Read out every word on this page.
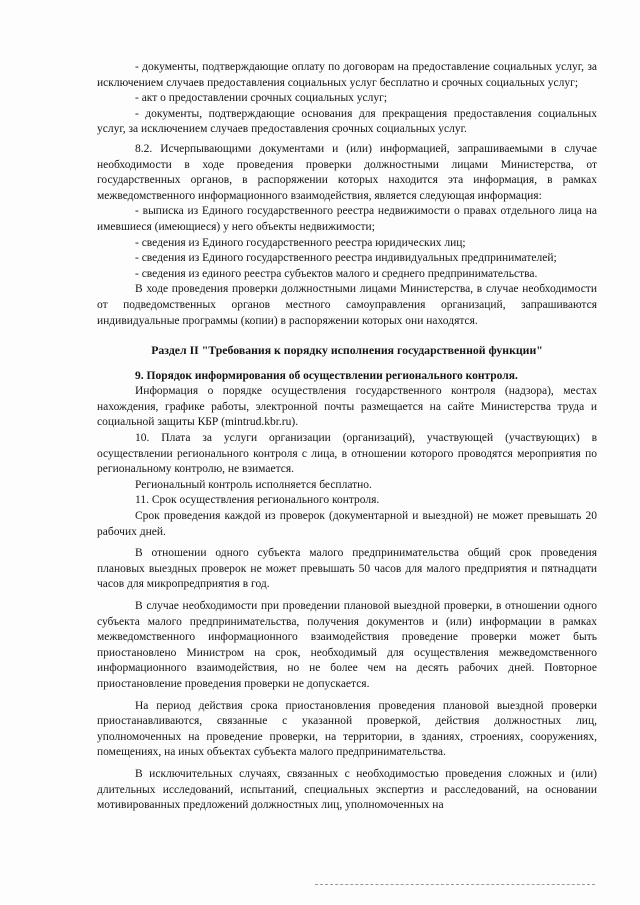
- документы, подтверждающие оплату по договорам на предоставление социальных услуг, за исключением случаев предоставления социальных услуг бесплатно и срочных социальных услуг;

- акт о предоставлении срочных социальных услуг;

- документы, подтверждающие основания для прекращения предоставления социальных услуг, за исключением случаев предоставления срочных социальных услуг.

8.2. Исчерпывающими документами и (или) информацией, запрашиваемыми в случае необходимости в ходе проведения проверки должностными лицами Министерства, от государственных органов, в распоряжении которых находится эта информация, в рамках межведомственного информационного взаимодействия, является следующая информация:

- выписка из Единого государственного реестра недвижимости о правах отдельного лица на имевшиеся (имеющиеся) у него объекты недвижимости;

- сведения из Единого государственного реестра юридических лиц;

- сведения из Единого государственного реестра индивидуальных предпринимателей;

- сведения из единого реестра субъектов малого и среднего предпринимательства.

В ходе проведения проверки должностными лицами Министерства, в случае необходимости от подведомственных органов местного самоуправления организаций, запрашиваются индивидуальные программы (копии) в распоряжении которых они находятся.

Раздел II "Требования к порядку исполнения государственной функции"

9. Порядок информирования об осуществлении регионального контроля.

Информация о порядке осуществления государственного контроля (надзора), местах нахождения, графике работы, электронной почты размещается на сайте Министерства труда и социальной защиты КБР (mintrud.kbr.ru).

10. Плата за услуги организации (организаций), участвующей (участвующих) в осуществлении регионального контроля с лица, в отношении которого проводятся мероприятия по региональному контролю, не взимается.

Региональный контроль исполняется бесплатно.

11. Срок осуществления регионального контроля.

Срок проведения каждой из проверок (документарной и выездной) не может превышать 20 рабочих дней.

В отношении одного субъекта малого предпринимательства общий срок проведения плановых выездных проверок не может превышать 50 часов для малого предприятия и пятнадцати часов для микропредприятия в год.

В случае необходимости при проведении плановой выездной проверки, в отношении одного субъекта малого предпринимательства, получения документов и (или) информации в рамках межведомственного информационного взаимодействия проведение проверки может быть приостановлено Министром на срок, необходимый для осуществления межведомственного информационного взаимодействия, но не более чем на десять рабочих дней. Повторное приостановление проведения проверки не допускается.

На период действия срока приостановления проведения плановой выездной проверки приостанавливаются, связанные с указанной проверкой, действия должностных лиц, уполномоченных на проведение проверки, на территории, в зданиях, строениях, сооружениях, помещениях, на иных объектах субъекта малого предпринимательства.

В исключительных случаях, связанных с необходимостью проведения сложных и (или) длительных исследований, испытаний, специальных экспертиз и расследований, на основании мотивированных предложений должностных лиц, уполномоченных на
